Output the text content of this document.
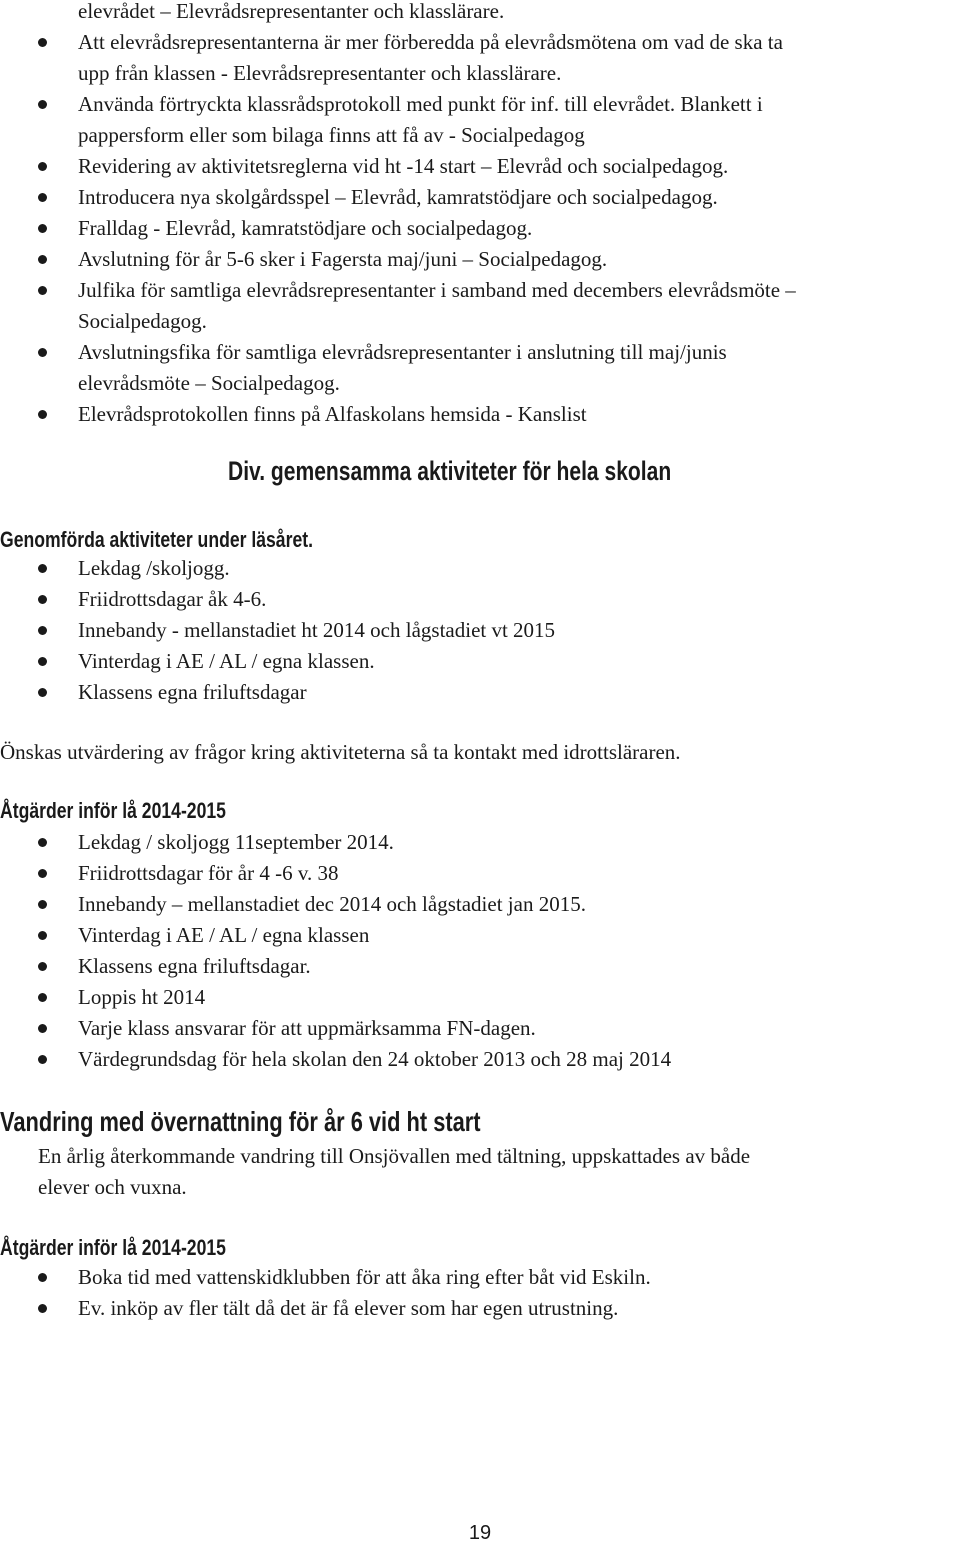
elevrådet – Elevrådsrepresentanter och klasslärare.
Att elevrådsrepresentanterna är mer förberedda på elevrådsmötena om vad de ska ta
upp från klassen - Elevrådsrepresentanter och klasslärare.
Använda förtryckta klassrådsprotokoll med punkt för inf. till elevrådet. Blankett i
pappersform eller som bilaga finns att få av - Socialpedagog
Revidering av aktivitetsreglerna vid ht -14 start – Elevråd och socialpedagog.
Introducera nya skolgårdsspel – Elevråd, kamratstödjare och socialpedagog.
Fralldag - Elevråd, kamratstödjare och socialpedagog.
Avslutning för år 5-6 sker i Fagersta maj/juni – Socialpedagog.
Julfika för samtliga elevrådsrepresentanter i samband med decembers elevrådsmöte –
Socialpedagog.
Avslutningsfika för samtliga elevrådsrepresentanter i anslutning till maj/junis
elevrådsmöte – Socialpedagog.
Elevrådsprotokollen finns på Alfaskolans hemsida - Kanslist
Div. gemensamma aktiviteter för hela skolan
Genomförda aktiviteter under läsåret.
Lekdag /skoljogg.
Friidrottsdagar åk 4-6.
Innebandy - mellanstadiet ht 2014 och lågstadiet vt 2015
Vinterdag i AE / AL / egna klassen.
Klassens egna friluftsdagar
Önskas utvärdering av frågor kring aktiviteterna så ta kontakt med idrottsläraren.
Åtgärder inför lå 2014-2015
Lekdag / skoljogg 11september 2014.
Friidrottsdagar för år 4 -6 v. 38
Innebandy – mellanstadiet dec 2014 och lågstadiet jan 2015.
Vinterdag i AE / AL / egna klassen
Klassens egna friluftsdagar.
Loppis ht 2014
Varje klass ansvarar för att uppmärksamma FN-dagen.
Värdegrundsdag för hela skolan den 24 oktober 2013 och 28 maj 2014
Vandring med övernattning för år 6 vid ht start
En årlig återkommande vandring till Onsjövallen med tältning, uppskattades av både
elever och vuxna.
Åtgärder inför lå 2014-2015
Boka tid med vattenskidklubben för att åka ring efter båt vid Eskiln.
Ev. inköp av fler tält då det är få elever som har egen utrustning.
19
